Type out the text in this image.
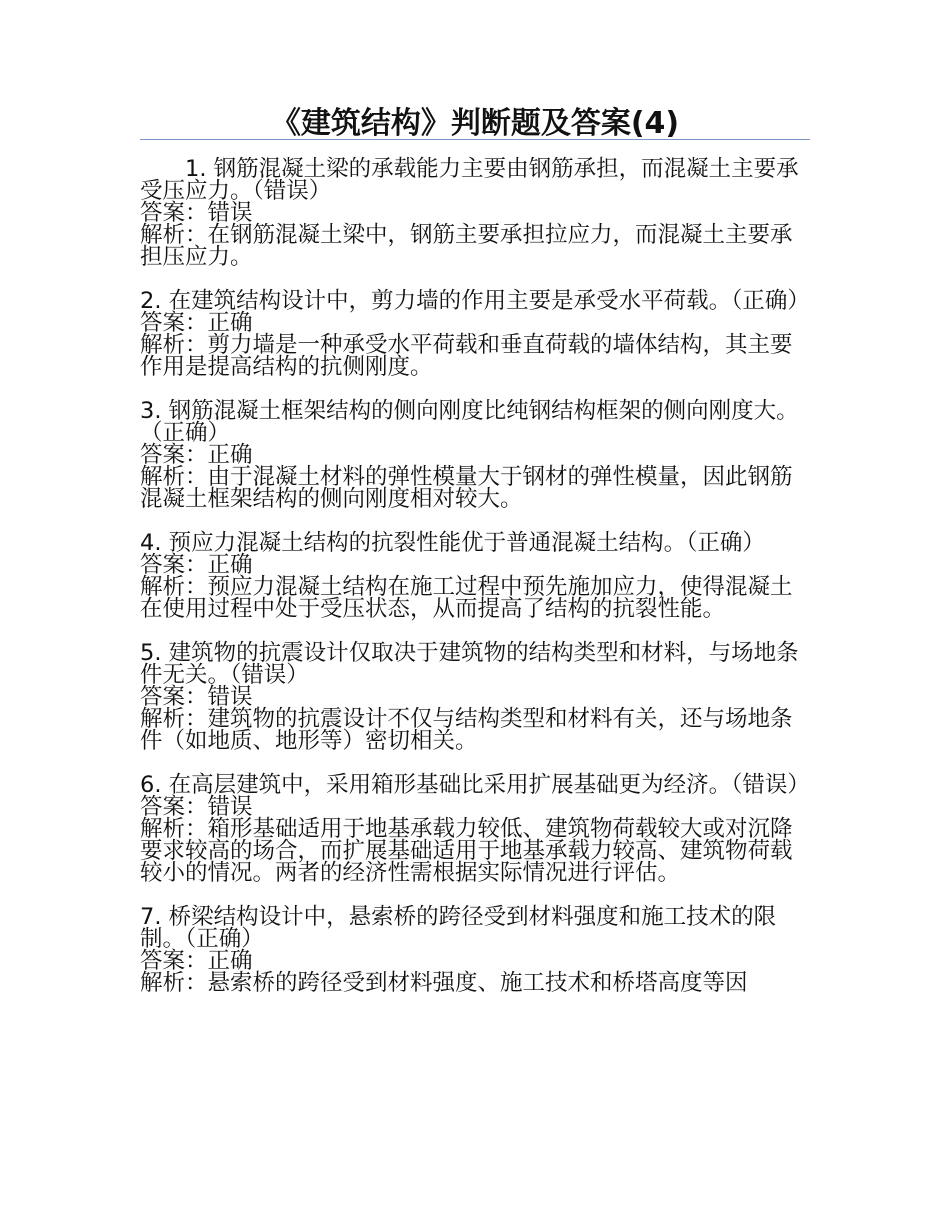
《建筑结构》判断题及答案(4)

1. 钢筋混凝土梁的承载能力主要由钢筋承担，而混凝土主要承受压应力。（错误）

答案：错误

解析：在钢筋混凝土梁中，钢筋主要承担拉应力，而混凝土主要承担压应力。

2. 在建筑结构设计中，剪力墙的作用主要是承受水平荷载。（正确）

答案：正确

解析：剪力墙是一种承受水平荷载和垂直荷载的墙体结构，其主要作用是提高结构的抗侧刚度。

3. 钢筋混凝土框架结构的侧向刚度比纯钢结构框架的侧向刚度大。（正确）

答案：正确

解析：由于混凝土材料的弹性模量大于钢材的弹性模量，因此钢筋混凝土框架结构的侧向刚度相对较大。

4. 预应力混凝土结构的抗裂性能优于普通混凝土结构。（正确）

答案：正确

解析：预应力混凝土结构在施工过程中预先施加应力，使得混凝土在使用过程中处于受压状态，从而提高了结构的抗裂性能。

5. 建筑物的抗震设计仅取决于建筑物的结构类型和材料，与场地条件无关。（错误）

答案：错误

解析：建筑物的抗震设计不仅与结构类型和材料有关，还与场地条件（如地质、地形等）密切相关。

6. 在高层建筑中，采用箱形基础比采用扩展基础更为经济。（错误）

答案：错误

解析：箱形基础适用于地基承载力较低、建筑物荷载较大或对沉降要求较高的场合，而扩展基础适用于地基承载力较高、建筑物荷载较小的情况。两者的经济性需根据实际情况进行评估。

7. 桥梁结构设计中，悬索桥的跨径受到材料强度和施工技术的限制。（正确）

答案：正确

解析：悬索桥的跨径受到材料强度、施工技术和桥塔高度等因
